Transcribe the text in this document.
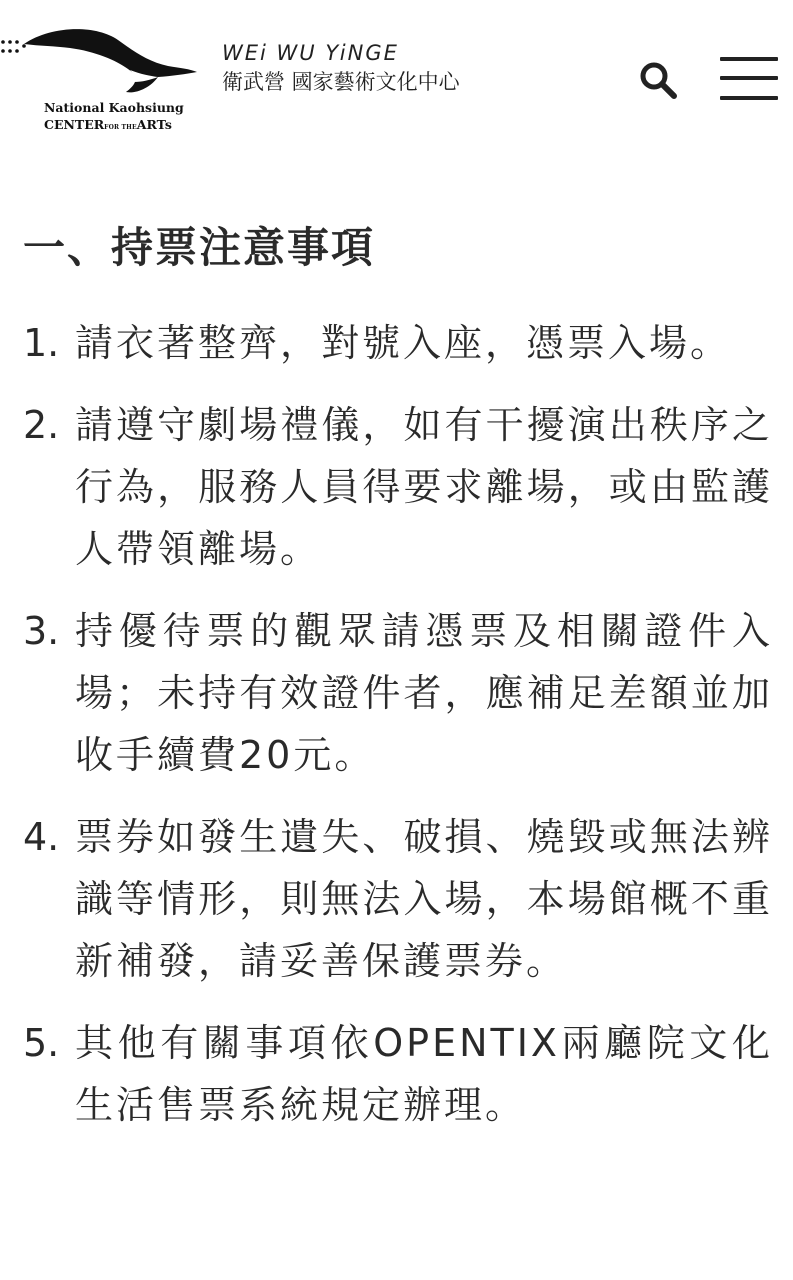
National Kaohsiung
CENTERFOR THEARTs
WEi WU YiNGE
衛武營 國家藝術文化中心
一、持票注意事項
1. 請衣著整齊，對號入座，憑票入場。
2. 請遵守劇場禮儀，如有干擾演出秩序之行為，服務人員得要求離場，或由監護人帶領離場。
3. 持優待票的觀眾請憑票及相關證件入場；未持有效證件者，應補足差額並加收手續費20元。
4. 票券如發生遺失、破損、燒毀或無法辨識等情形，則無法入場，本場館概不重新補發，請妥善保護票券。
5. 其他有關事項依OPENTIX兩廳院文化生活售票系統規定辦理。
